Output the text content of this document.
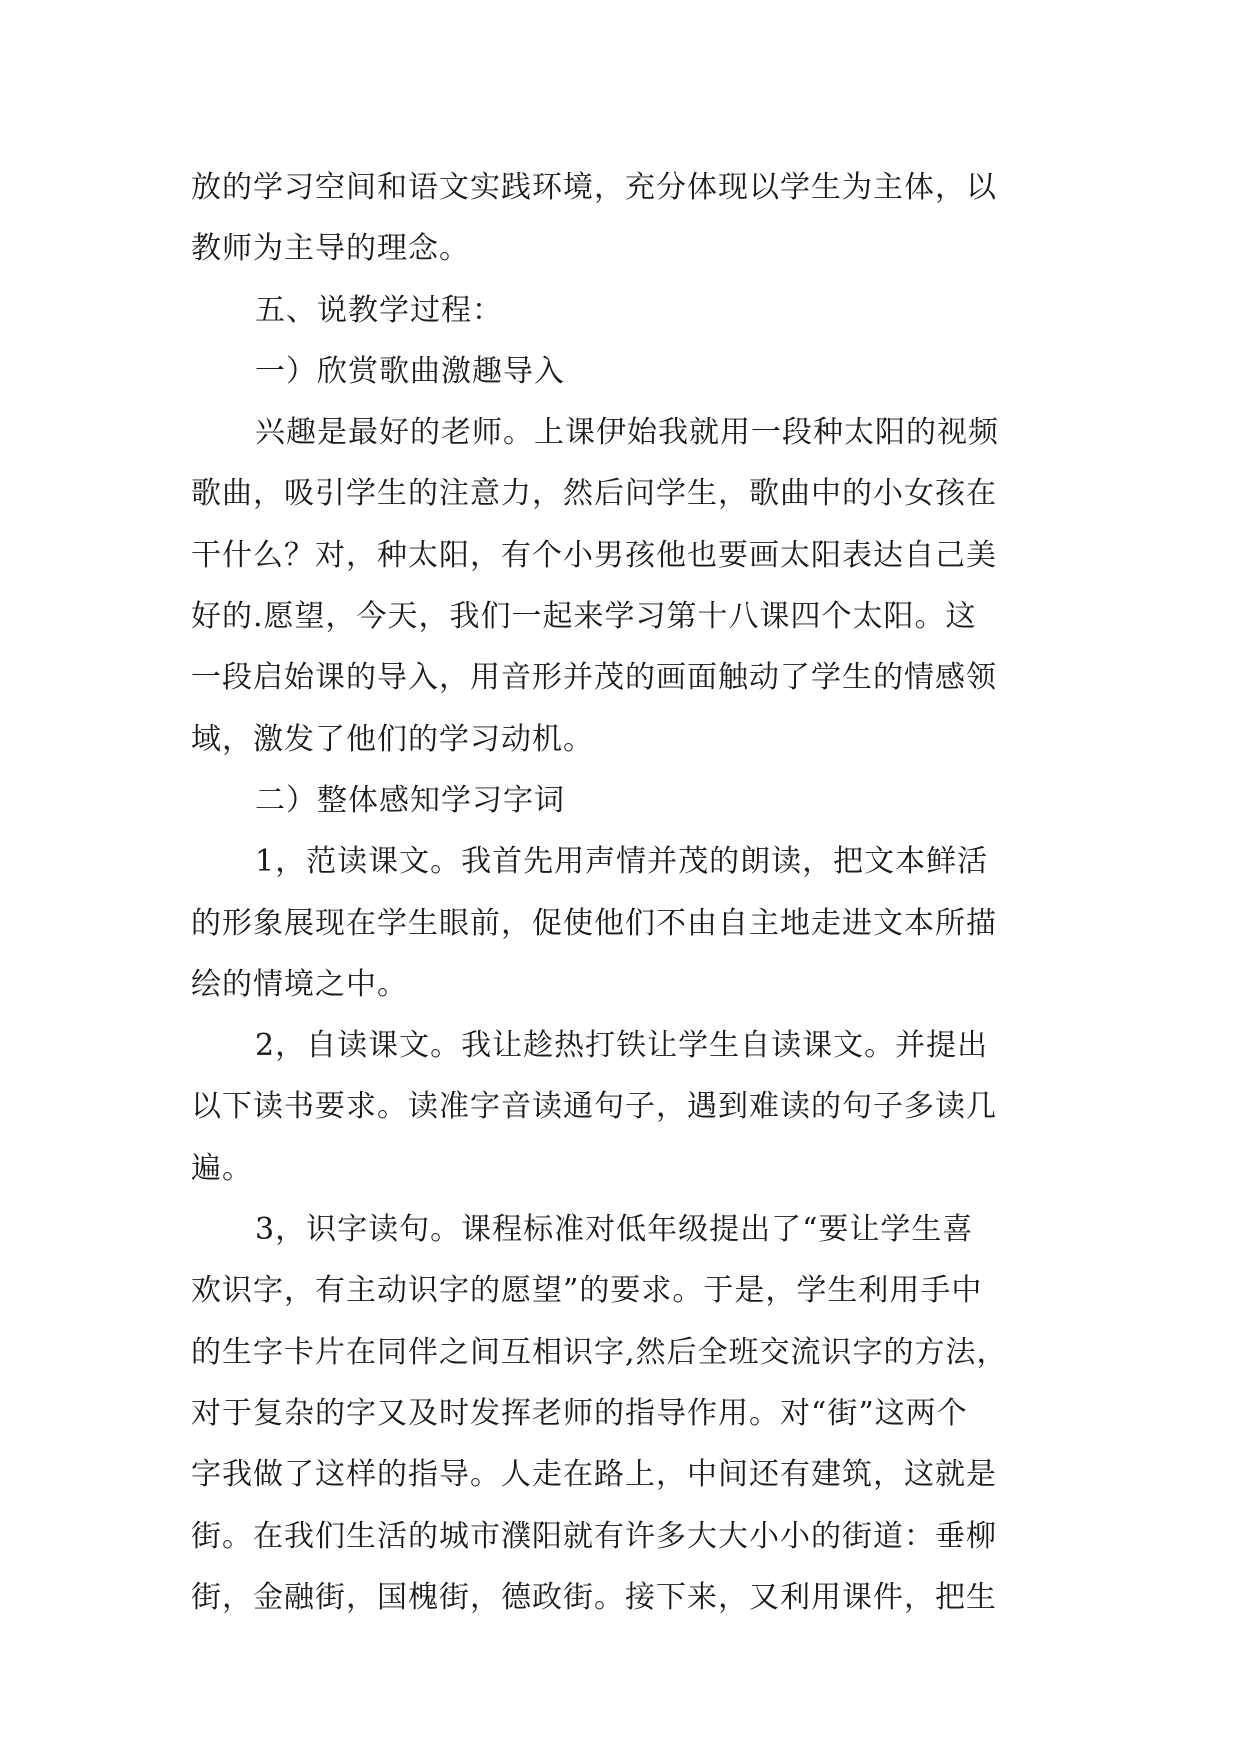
放的学习空间和语文实践环境，充分体现以学生为主体，以
教师为主导的理念。
五、说教学过程：
一）欣赏歌曲激趣导入
兴趣是最好的老师。上课伊始我就用一段种太阳的视频
歌曲，吸引学生的注意力，然后问学生，歌曲中的小女孩在
干什么？对，种太阳，有个小男孩他也要画太阳表达自己美
好的.愿望，今天，我们一起来学习第十八课四个太阳。这
一段启始课的导入，用音形并茂的画面触动了学生的情感领
域，激发了他们的学习动机。
二）整体感知学习字词
1，范读课文。我首先用声情并茂的朗读，把文本鲜活
的形象展现在学生眼前，促使他们不由自主地走进文本所描
绘的情境之中。
2，自读课文。我让趁热打铁让学生自读课文。并提出
以下读书要求。读准字音读通句子，遇到难读的句子多读几
遍。
3，识字读句。课程标准对低年级提出了“要让学生喜
欢识字，有主动识字的愿望”的要求。于是，学生利用手中
的生字卡片在同伴之间互相识字,然后全班交流识字的方法，
对于复杂的字又及时发挥老师的指导作用。对“街”这两个
字我做了这样的指导。人走在路上，中间还有建筑，这就是
街。在我们生活的城市濮阳就有许多大大小小的街道：垂柳
街，金融街，国槐街，德政街。接下来，又利用课件，把生
